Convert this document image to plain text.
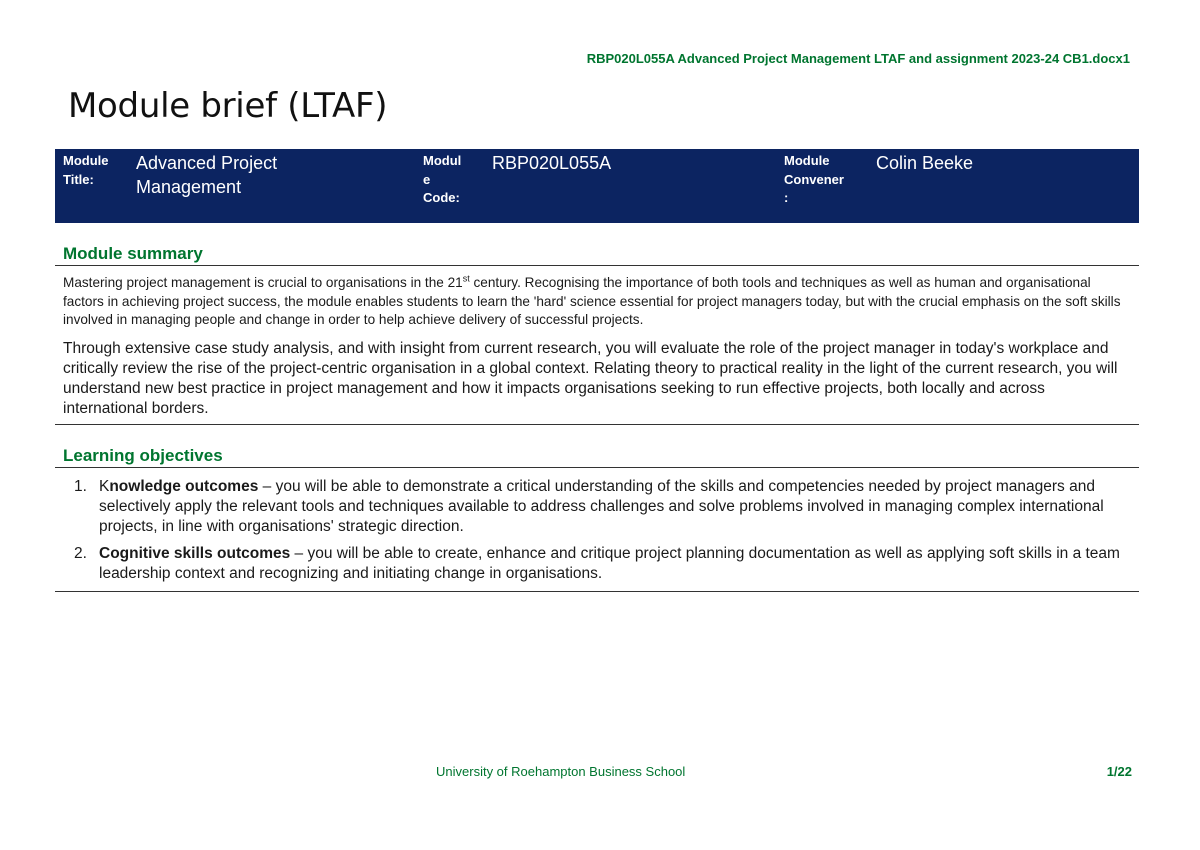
RBP020L055A Advanced Project Management LTAF and assignment 2023-24 CB1.docx1
Module brief (LTAF)
Module
Title:
Advanced Project
Management
Modul
e
Code:
RBP020L055A	Module
Convener
:
Colin Beeke
Module summary

Mastering project management is crucial to organisations in the 21st century. Recognising the importance of both tools and techniques as well as human and organisational factors in achieving project success, the module enables students to learn the 'hard' science essential for project managers today, but with the crucial emphasis on the soft skills involved in managing people and change in order to help achieve delivery of successful projects.

Through extensive case study analysis, and with insight from current research, you will evaluate the role of the project manager in today's workplace and critically review the rise of the project-centric organisation in a global context. Relating theory to practical reality in the light of the current research, you will understand new best practice in project management and how it impacts organisations seeking to run effective projects, both locally and across international borders.

Learning objectives
1. Knowledge outcomes – you will be able to demonstrate a critical understanding of the skills and competencies needed by project managers and selectively apply the relevant tools and techniques available to address challenges and solve problems involved in managing complex international projects, in line with organisations' strategic direction.
2. Cognitive skills outcomes – you will be able to create, enhance and critique project planning documentation as well as applying soft skills in a team leadership context and recognizing and initiating change in organisations.
University of Roehampton Business School	1/22
